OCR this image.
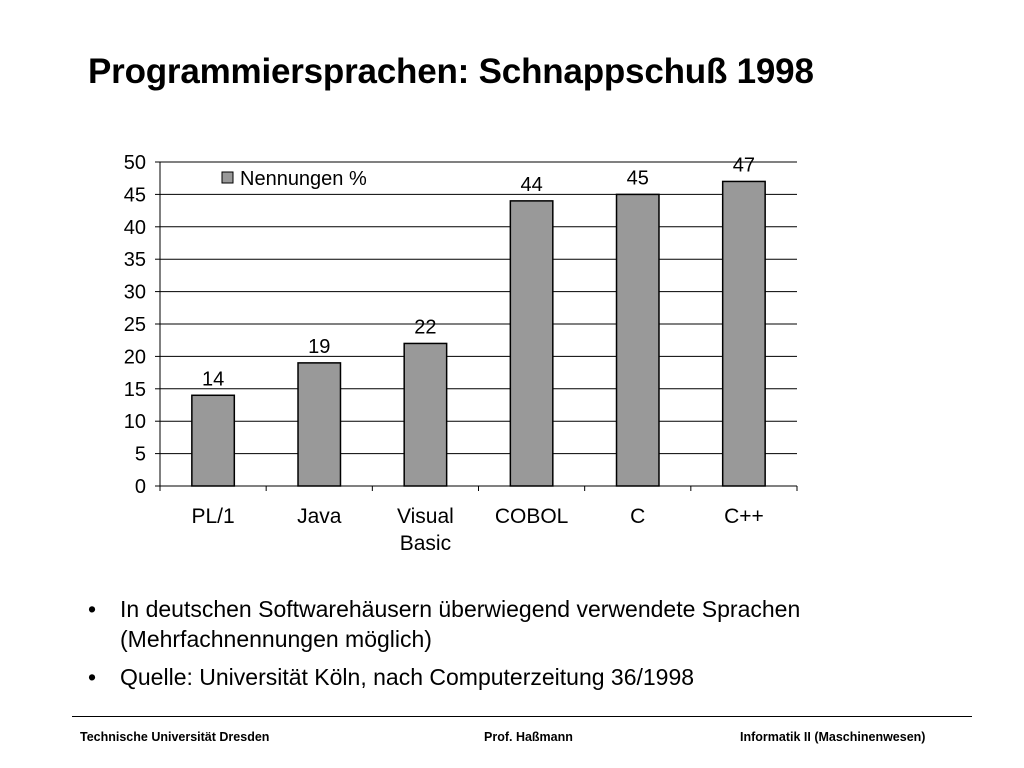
Programmiersprachen: Schnappschuß 1998
0
5
10
15
20
25
30
35
40
45
50
PL/1	Java	Visual Basic
COBOL	C	C++
14
19
22
44	45
47
Nennungen %
• In deutschen Softwarehäusern überwiegend verwendete Sprachen (Mehrfachnennungen möglich)
• Quelle: Universität Köln, nach Computerzeitung 36/1998
Technische Universität Dresden	Prof. Haßmann	Informatik II (Maschinenwesen)
